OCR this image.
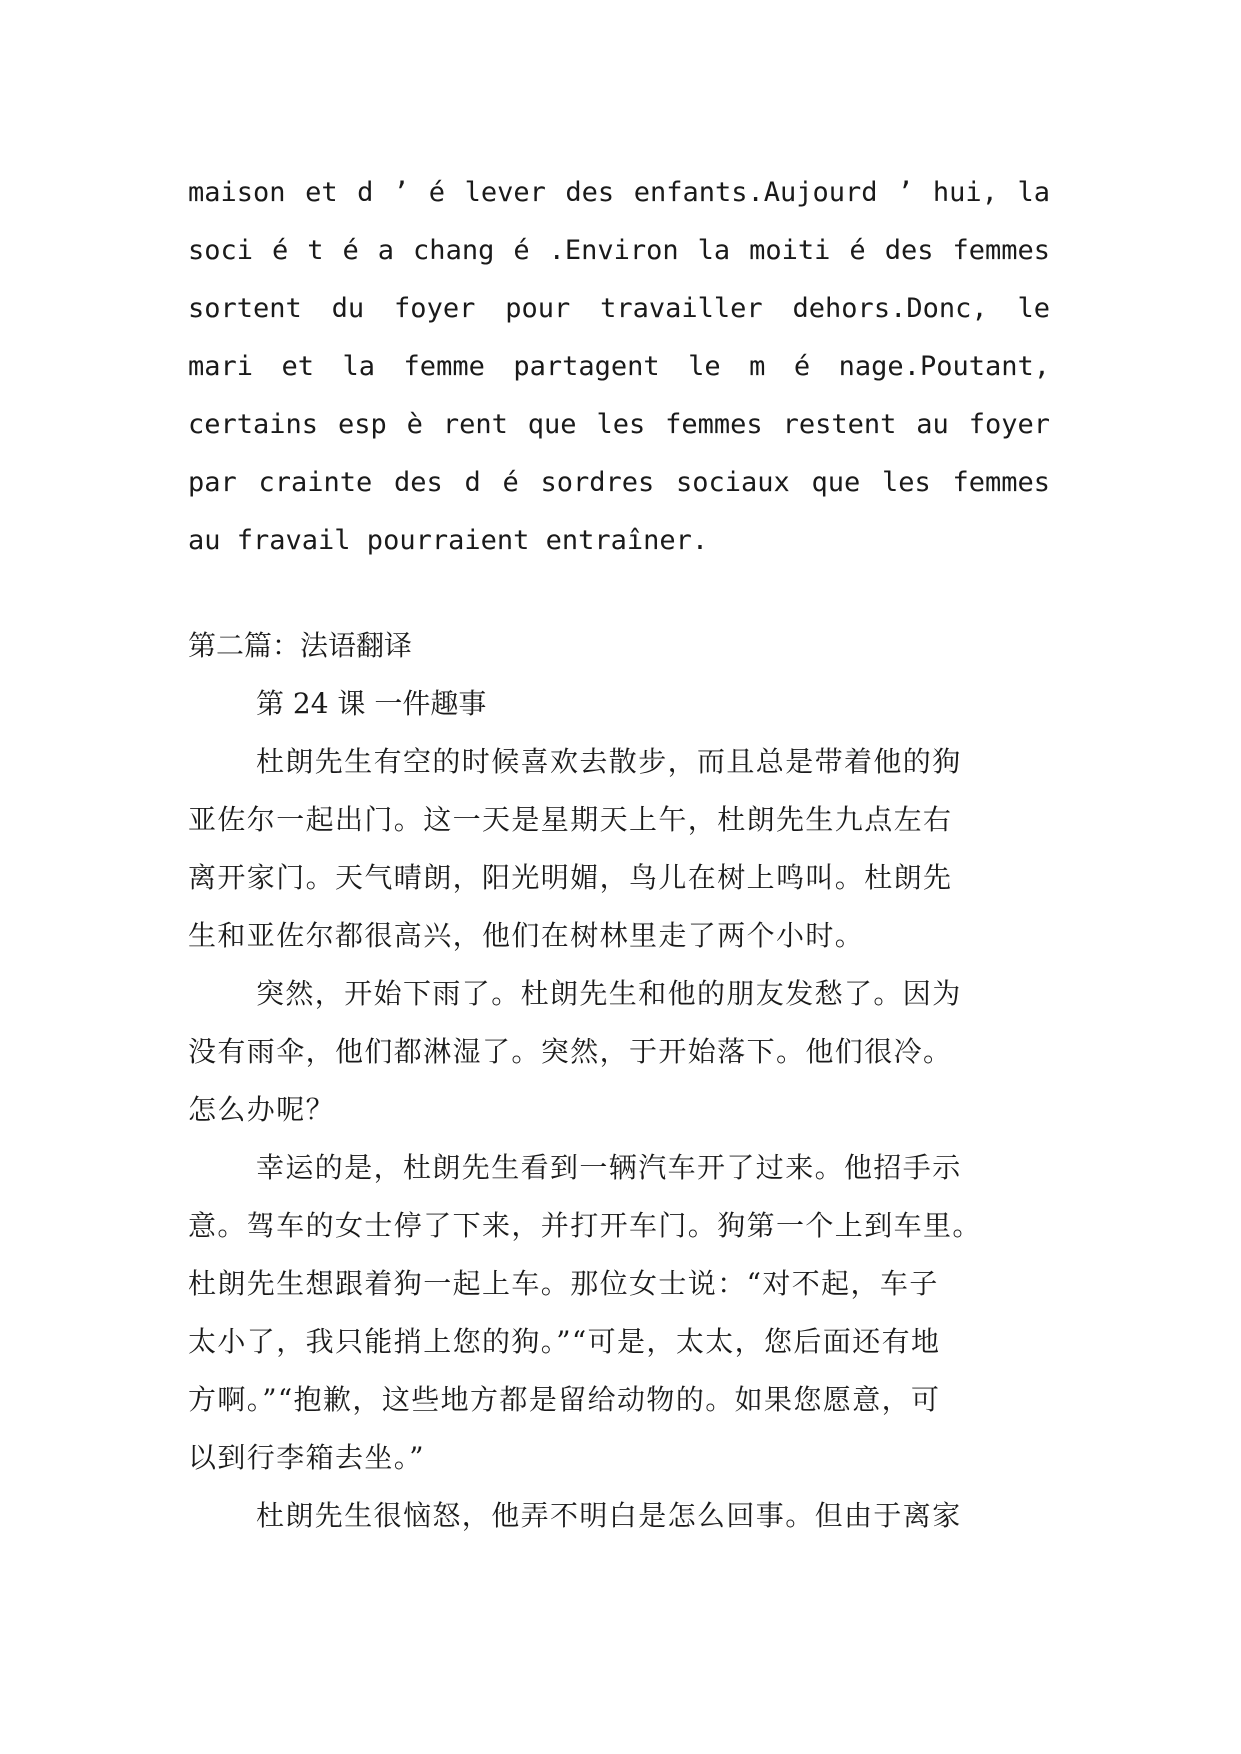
maison et d ’ é lever des enfants.Aujourd ’ hui, la
soci é t é a chang é .Environ la moiti é des femmes
sortent du foyer pour travailler dehors.Donc, le
mari et la femme partagent le m é nage.Poutant,
certains esp è rent que les femmes restent au foyer
par crainte des d é sordres sociaux que les femmes
au fravail pourraient entraîner.
第二篇：法语翻译
第 24 课 一件趣事
杜朗先生有空的时候喜欢去散步，而且总是带着他的狗
亚佐尔一起出门。这一天是星期天上午，杜朗先生九点左右
离开家门。天气晴朗，阳光明媚，鸟儿在树上鸣叫。杜朗先
生和亚佐尔都很高兴，他们在树林里走了两个小时。
突然，开始下雨了。杜朗先生和他的朋友发愁了。因为
没有雨伞，他们都淋湿了。突然，于开始落下。他们很冷。
怎么办呢？
幸运的是，杜朗先生看到一辆汽车开了过来。他招手示
意。驾车的女士停了下来，并打开车门。狗第一个上到车里。
杜朗先生想跟着狗一起上车。那位女士说：“对不起，车子
太小了，我只能捎上您的狗。”“可是，太太，您后面还有地
方啊。”“抱歉，这些地方都是留给动物的。如果您愿意，可
以到行李箱去坐。”
杜朗先生很恼怒，他弄不明白是怎么回事。但由于离家
